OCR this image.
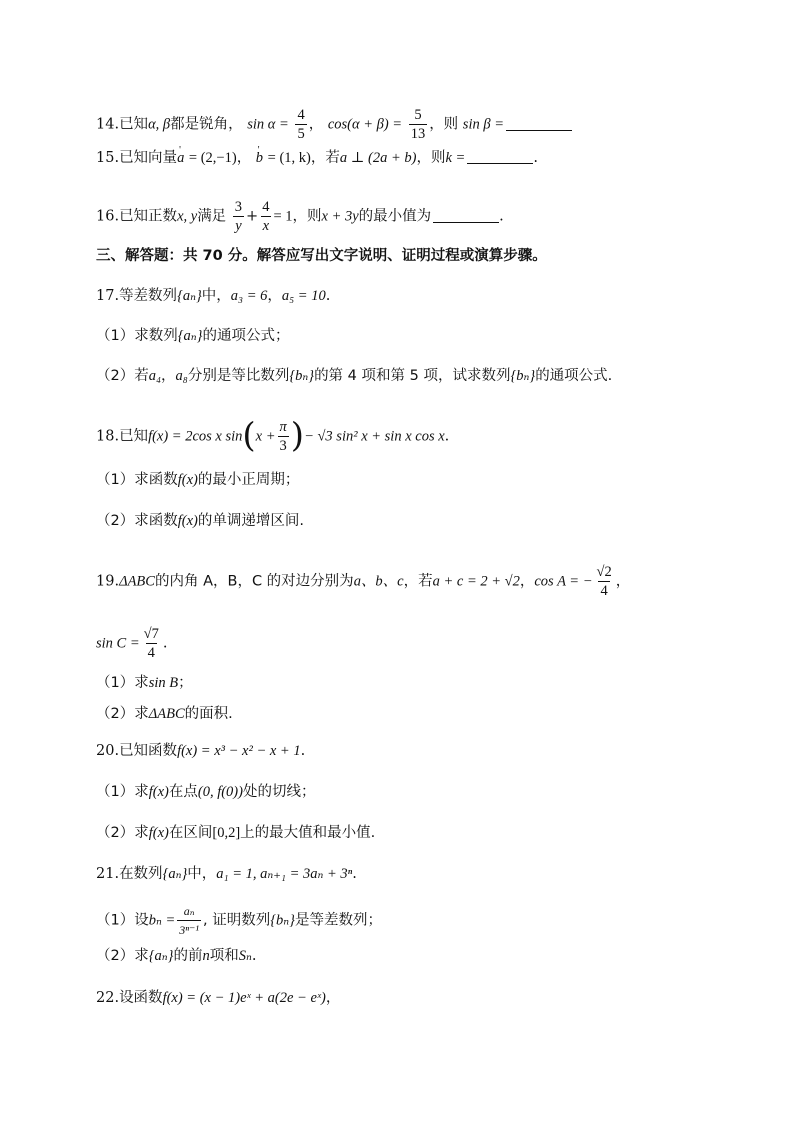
14.已知α, β都是锐角， $\sin \alpha = \frac{4}{5}$ ， $\cos(\alpha + \beta) = \frac{5}{13}$ ，则 sin β =
15.已知向量' a = (2,−1)， ' b = (1, k)，若a ⊥ (2a + b)，则k =	.
16.已知正数x, y满足 $\frac{3}{y} + \frac{4}{x} = 1$，则x + 3y的最小值为	.
三、解答题：共 70 分。解答应写出文字说明、证明过程或演算步骤。
17.等差数列{aₙ}中，a₃ = 6，a₅ = 10.
（1）求数列{aₙ}的通项公式；
（2）若a₄，a₈分别是等比数列{bₙ}的第 4 项和第 5 项，试求数列{bₙ}的通项公式.
18.已知f(x) = 2cos x $\sin(x + \frac{\pi}{3}$ )− √3 sin² x + sin x cos x.
（1）求函数f(x)的最小正周期；
（2）求函数f(x)的单调递增区间.
19.ΔABC的内角 A，B，C 的对边分别为a、b、c，若a + c = 2 + √2，cos A = − $\frac{√2}{4}$ ，
$\sin C = \frac{√7}{4}$ .
（1）求sin B；
（2）求ΔABC的面积.
20.已知函数f(x) = x³ − x² − x + 1.
（1）求f(x)在点(0, f(0))处的切线；
（2）求f(x)在区间[0,2]上的最大值和最小值.
21.在数列{aₙ}中，a₁ = 1, aₙ₊₁ = 3aₙ + 3ⁿ.
（1）设$b_n = \frac{\text{aₙ}}{\text{3ⁿ⁻¹}}$ , 证明数列{bₙ}是等差数列；
（2）求{aₙ}的前n项和Sₙ.
22.设函数f(x) = (x − 1)eˣ + a(2e − eˣ)，
